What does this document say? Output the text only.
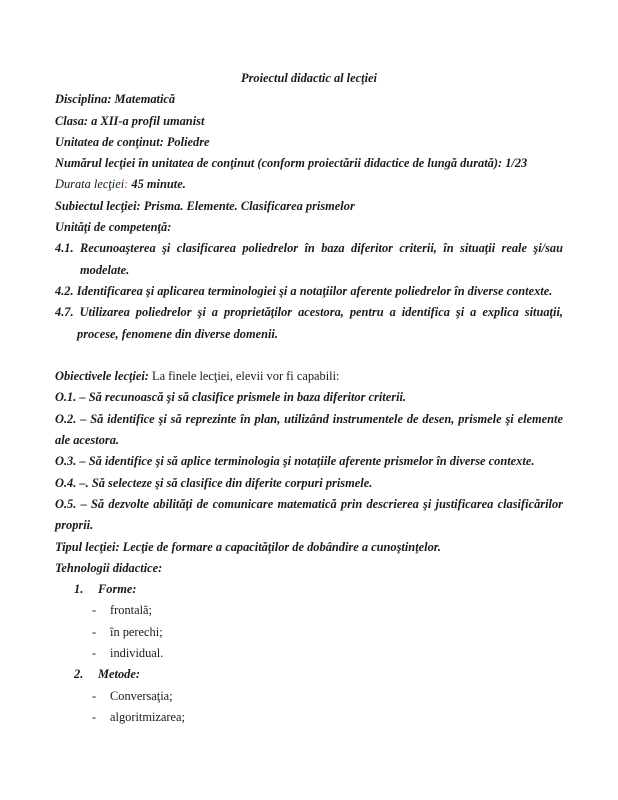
Proiectul didactic al lecţiei
Disciplina: Matematică
Clasa: a XII-a profil umanist
Unitatea de conţinut: Poliedre
Numărul lecţiei în unitatea de conţinut (conform proiectării didactice de lungă durată): 1/23
Durata lecţiei: 45 minute.
Subiectul lecţiei: Prisma. Elemente. Clasificarea prismelor
Unităţi de competenţă:
4.1. Recunoaşterea şi clasificarea poliedrelor în baza diferitor criterii, în situaţii reale şi/sau modelate.
4.2. Identificarea şi aplicarea terminologiei şi a notaţiilor aferente poliedrelor în diverse contexte.
4.7. Utilizarea poliedrelor şi a proprietăţilor acestora, pentru a identifica şi a explica situaţii, procese, fenomene din diverse domenii.
Obiectivele lecţiei: La finele lecţiei, elevii vor fi capabili:
O.1. – Să recunoască şi să clasifice prismele in baza diferitor criterii.
O.2. – Să identifice şi să reprezinte în plan, utilizând instrumentele de desen, prismele şi elemente ale acestora.
O.3. – Să identifice şi să aplice terminologia şi notaţiile aferente prismelor în diverse contexte.
O.4. –. Să selecteze şi să clasifice din diferite corpuri prismele.
O.5. – Să dezvolte abilităţi de comunicare matematică prin descrierea şi justificarea clasificărilor proprii.
Tipul lecţiei: Lecţie de formare a capacităţilor de dobândire a cunoştinţelor.
Tehnologii didactice:
1. Forme:
- frontală;
- în perechi;
- individual.
2. Metode:
- Conversaţia;
- algoritmizarea;
